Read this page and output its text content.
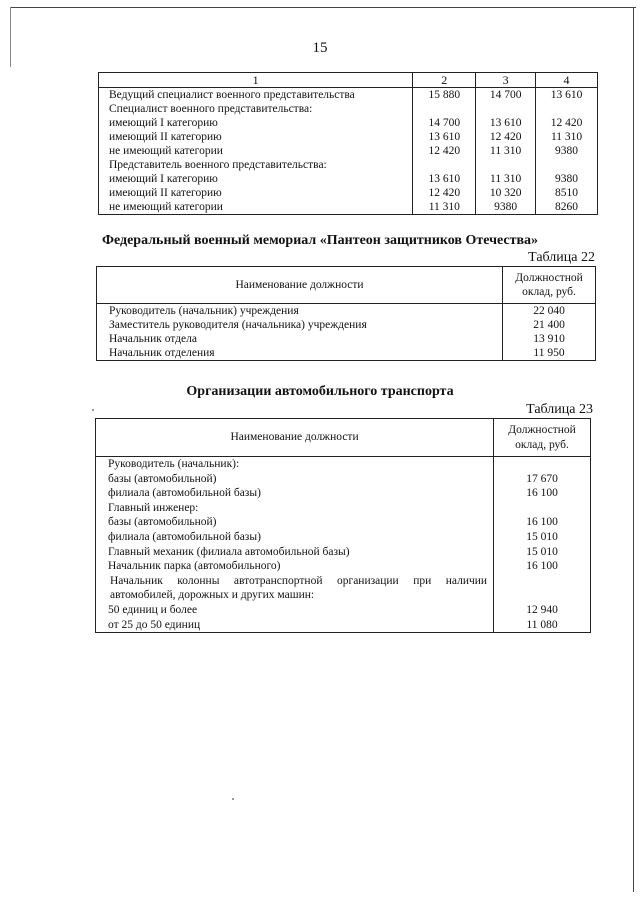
15
1	2	3	4
Ведущий специалист военного представительства	15 880	14 700	13 610
Специалист военного представительства:			
имеющий I категорию	14 700	13 610	12 420
имеющий II категорию	13 610	12 420	11 310
не имеющий категории	12 420	11 310	9380
Представитель военного представительства:			
имеющий I категорию	13 610	11 310	9380
имеющий II категорию	12 420	10 320	8510
не имеющий категории	11 310	9380	8260
Федеральный военный мемориал «Пантеон защитников Отечества»
Таблица 22
Наименование должности	Должностной оклад, руб.
Руководитель (начальник) учреждения	22 040
Заместитель руководителя (начальника) учреждения	21 400
Начальник отдела	13 910
Начальник отделения	11 950
Организации автомобильного транспорта
Таблица 23
Наименование должности	Должностной оклад, руб.
Руководитель (начальник):	
базы (автомобильной)	17 670
филиала (автомобильной базы)	16 100
Главный инженер:	
базы (автомобильной)	16 100
филиала (автомобильной базы)	15 010
Главный механик (филиала автомобильной базы)	15 010
Начальник парка (автомобильного)	16 100
Начальник колонны автотранспортной организации при наличии автомобилей, дорожных и других машин:	
50 единиц и более	12 940
от 25 до 50 единиц	11 080
